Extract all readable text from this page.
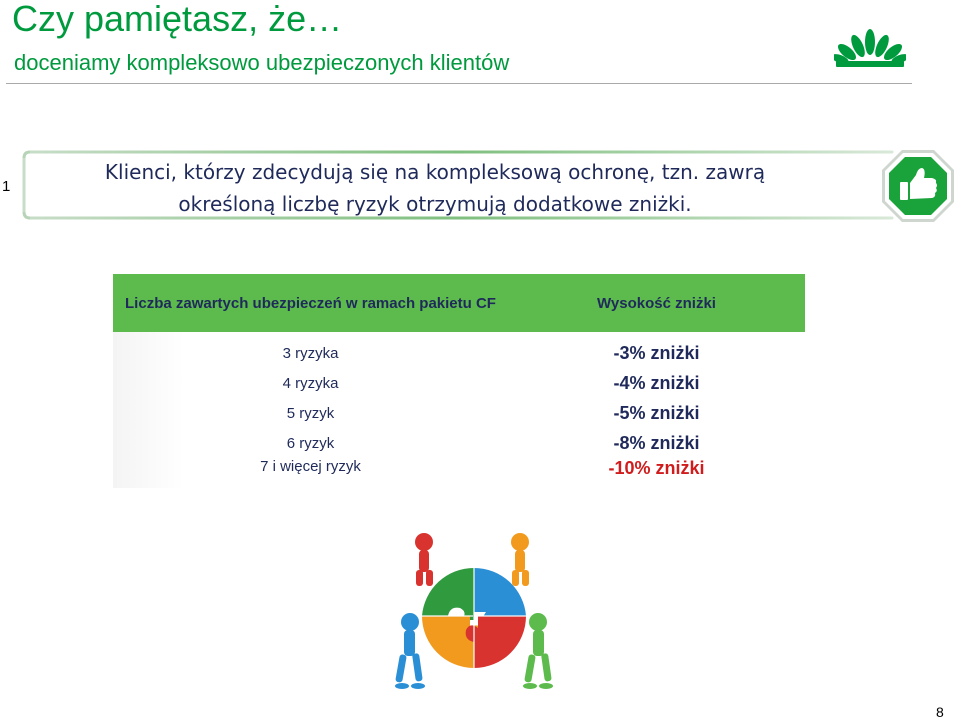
Czy pamiętasz, że…
doceniamy kompleksowo ubezpieczonych klientów
1
Klienci, którzy zdecydują się na kompleksową ochronę, tzn. zawrą
określoną liczbę ryzyk otrzymują dodatkowe zniżki.
Liczba zawartych ubezpieczeń w ramach pakietu CF	Wysokość zniżki
3 ryzyka	-3% zniżki
4 ryzyka	-4% zniżki
5 ryzyk	-5% zniżki
6 ryzyk	-8% zniżki
7 i więcej ryzyk	-10% zniżki
8
